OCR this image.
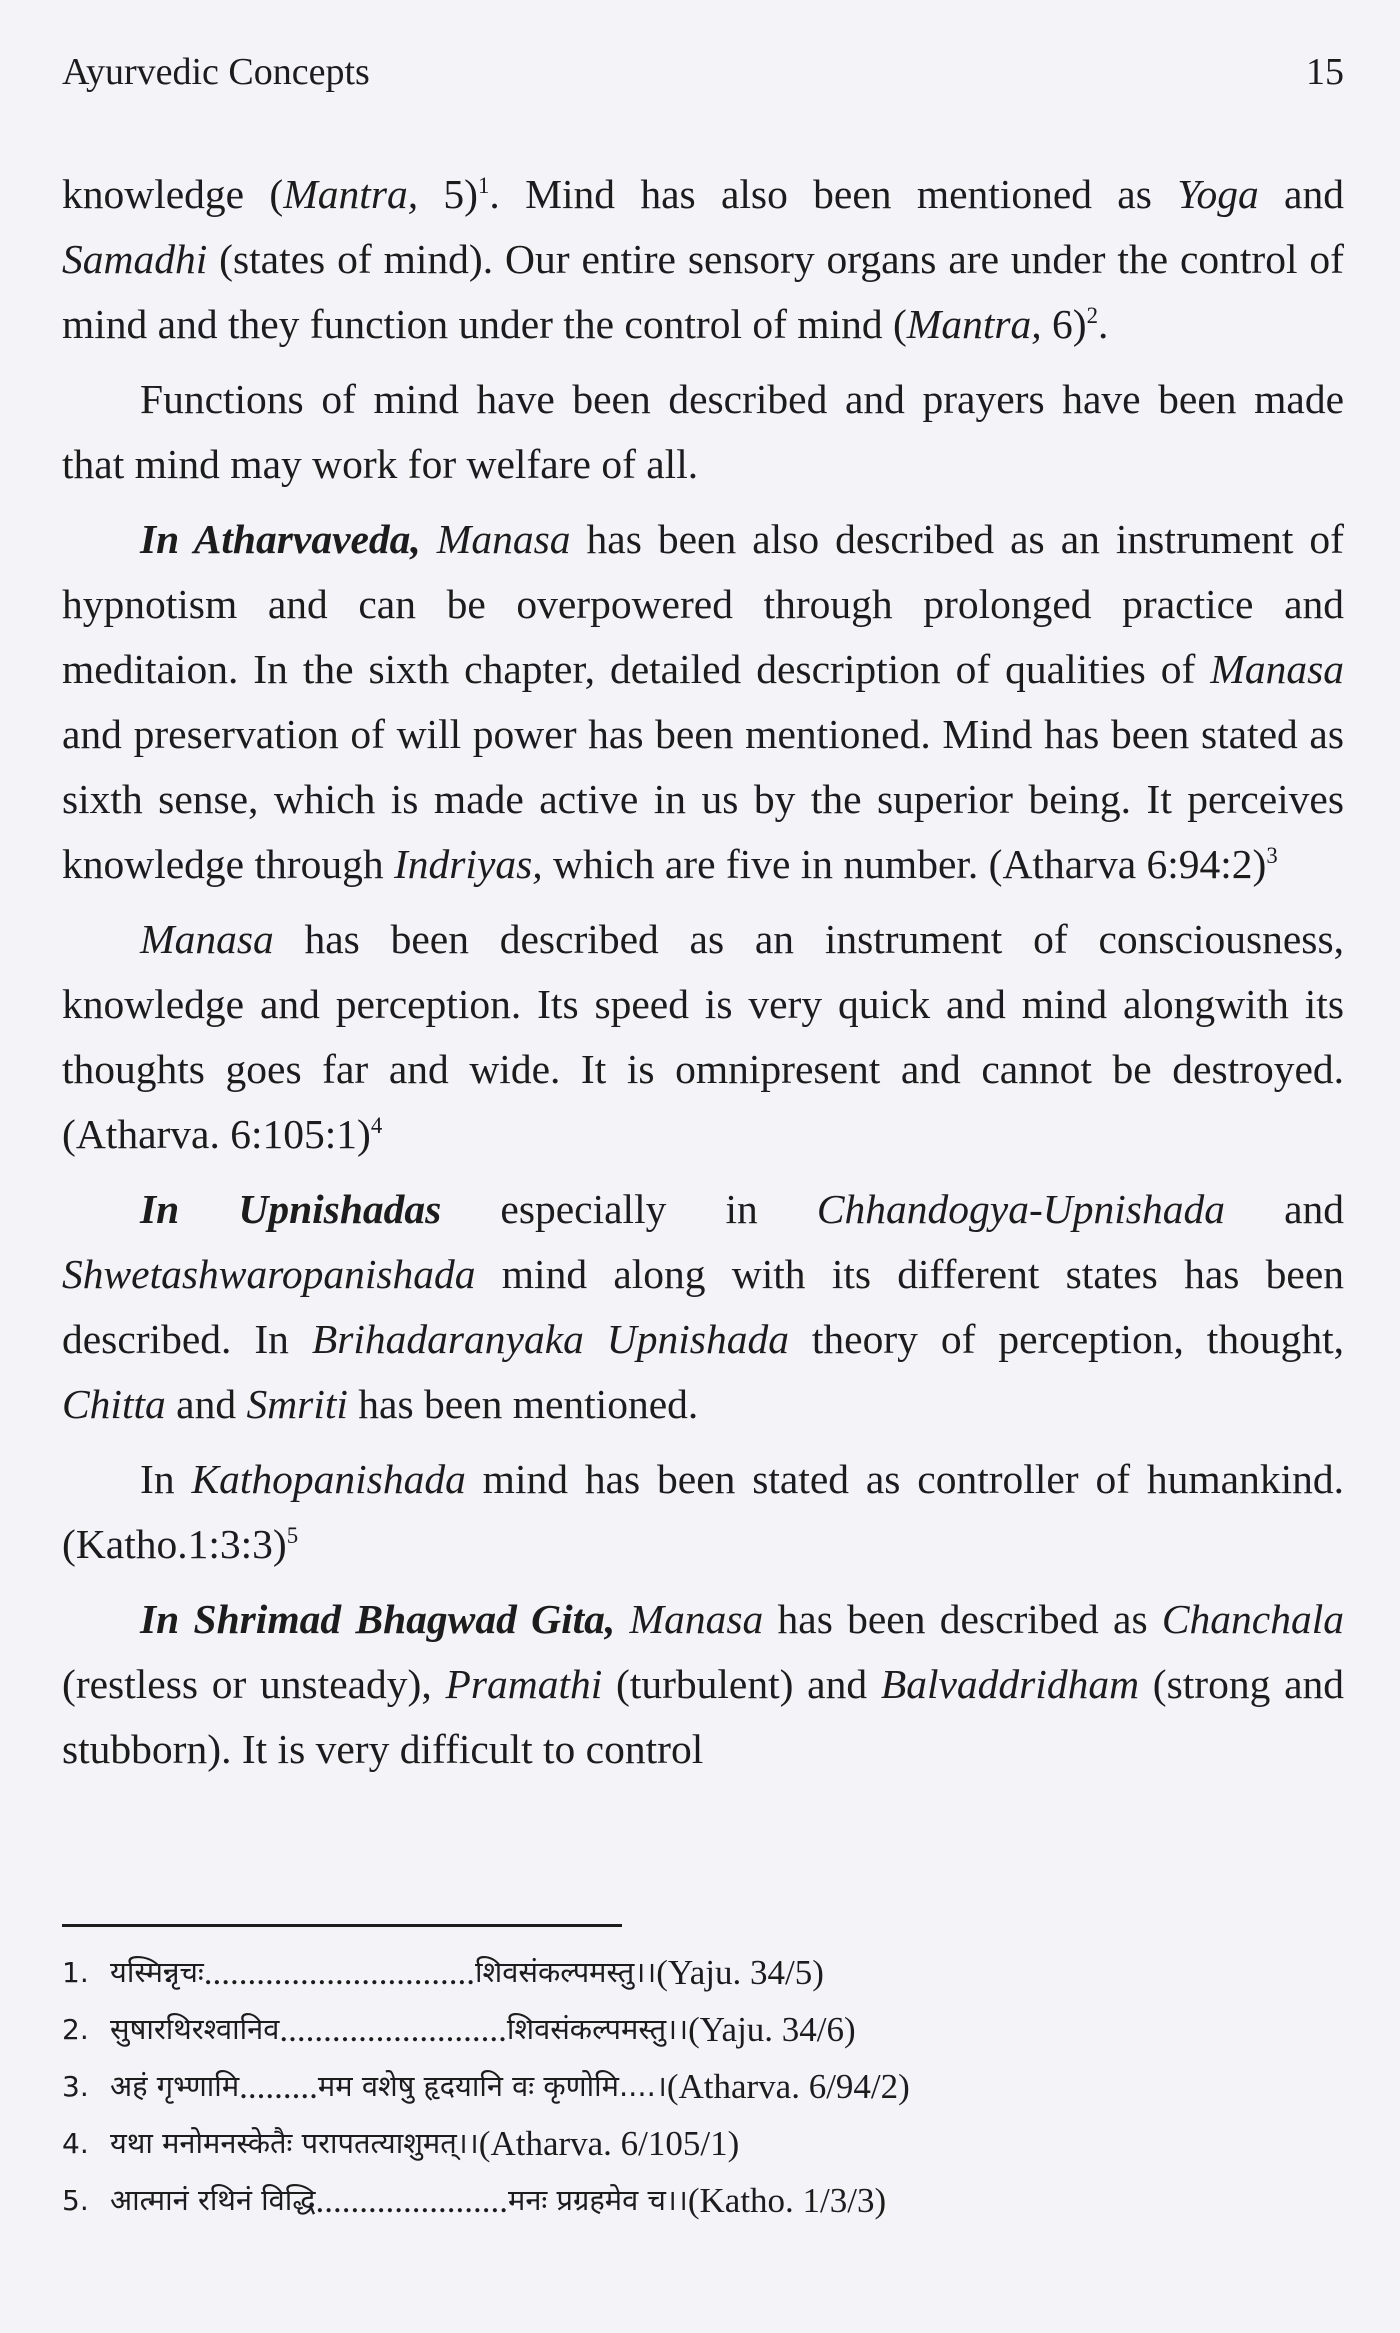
Ayurvedic Concepts	15

knowledge (Mantra, 5)$^1$. Mind has also been mentioned as Yoga and Samadhi (states of mind). Our entire sensory organs are under the control of mind and they function under the control of mind (Mantra, 6)$^2$.

Functions of mind have been described and prayers have been made that mind may work for welfare of all.

In Atharvaveda, Manasa has been also described as an instrument of hypnotism and can be overpowered through prolonged practice and meditaion. In the sixth chapter, detailed description of qualities of Manasa and preservation of will power has been mentioned. Mind has been stated as sixth sense, which is made active in us by the superior being. It perceives knowledge through Indriyas, which are five in number. (Atharva 6:94:2)$^3$

Manasa has been described as an instrument of consciousness, knowledge and perception. Its speed is very quick and mind alongwith its thoughts goes far and wide. It is omnipresent and cannot be destroyed. (Atharva. 6:105:1)$^4$

In Upnishadas especially in Chhandogya-Upnishada and Shwetashwaropanishada mind along with its different states has been described. In Brihadaranyaka Upnishada theory of perception, thought, Chitta and Smriti has been mentioned.

In Kathopanishada mind has been stated as controller of humankind. (Katho.1:3:3)$^5$

In Shrimad Bhagwad Gita, Manasa has been described as Chanchala (restless or unsteady), Pramathi (turbulent) and Balvaddridham (strong and stubborn). It is very difficult to control

1. यस्मिन्नृचः ............................... शिवसंकल्पमस्तु।। (Yaju. 34/5)
2. सुषारथिरश्वानिव .......................... शिवसंकल्पमस्तु।। (Yaju. 34/6)
3. अहं गृभ्णामि ......... मम वशेषु हृदयानि वः कृणोमि....। (Atharva. 6/94/2)
4. यथा मनोमनस्केतैः परापतत्याशुमत्।। (Atharva. 6/105/1)
5. आत्मानं रथिनं विद्धि ...................... मनः प्रग्रहमेव च।। (Katho. 1/3/3)
